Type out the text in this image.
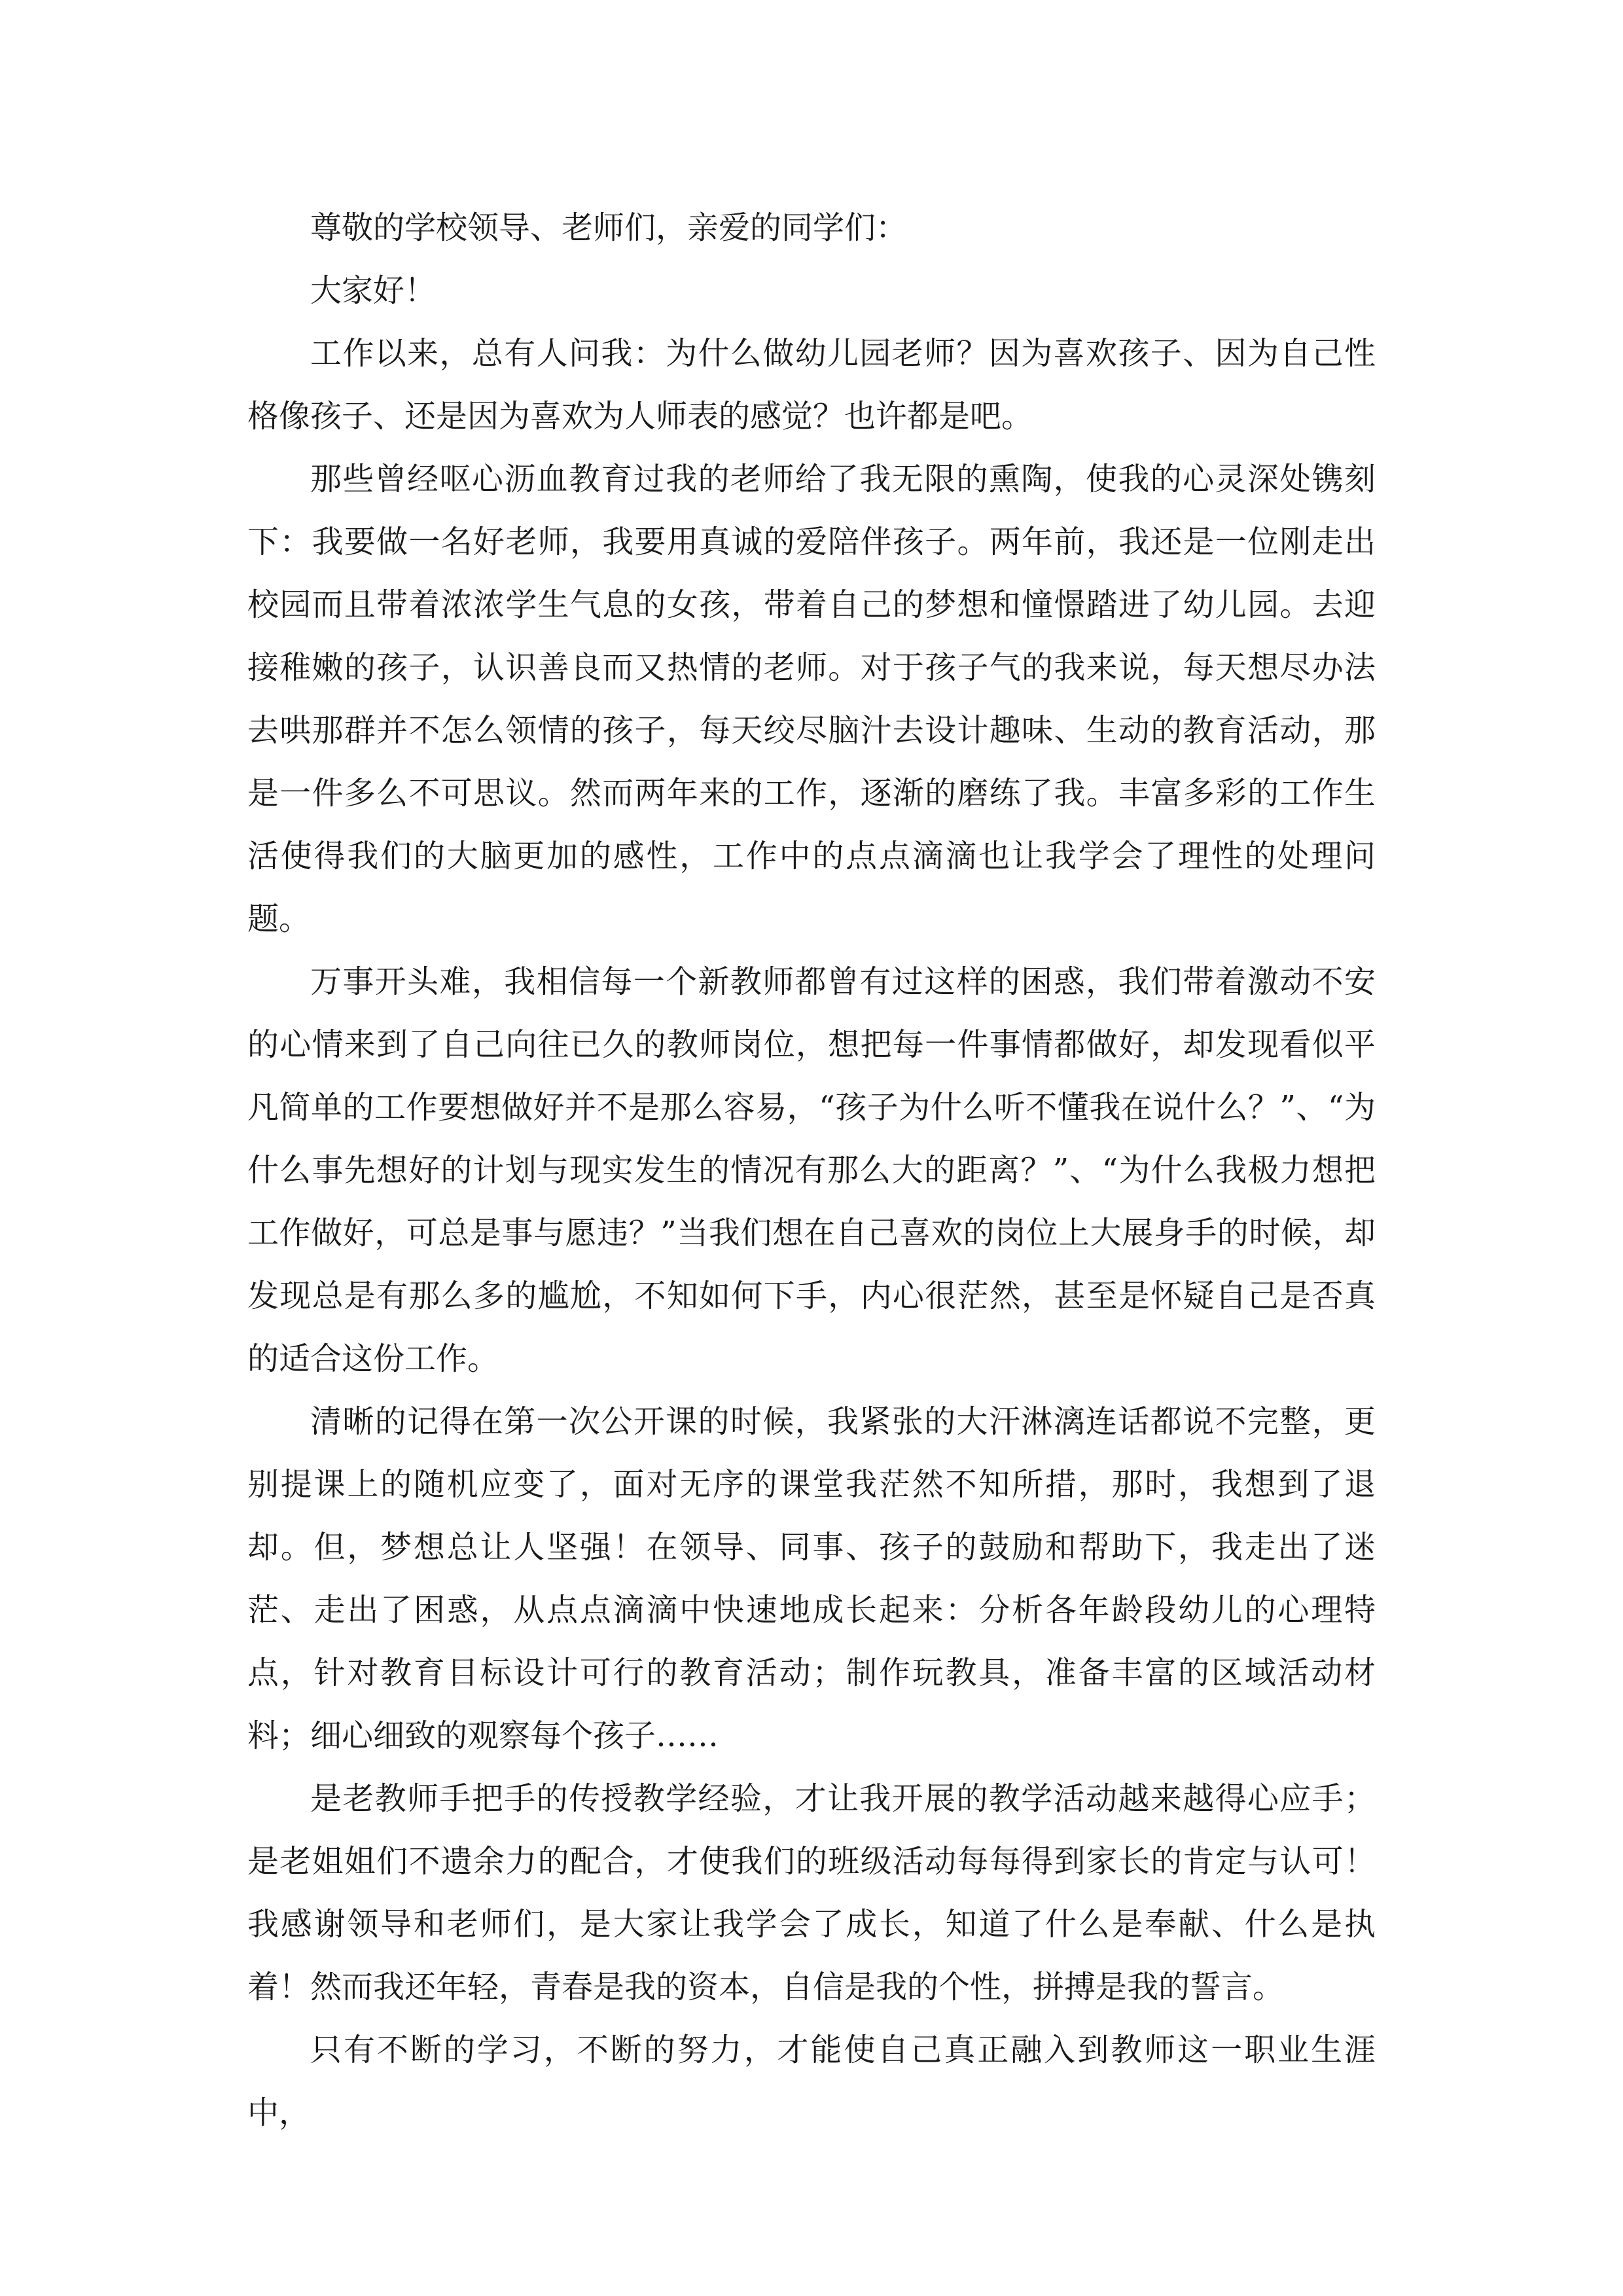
尊敬的学校领导、老师们，亲爱的同学们：

大家好！

工作以来，总有人问我：为什么做幼儿园老师？因为喜欢孩子、因为自己性格像孩子、还是因为喜欢为人师表的感觉？也许都是吧。

那些曾经呕心沥血教育过我的老师给了我无限的熏陶，使我的心灵深处镌刻下：我要做一名好老师，我要用真诚的爱陪伴孩子。两年前，我还是一位刚走出校园而且带着浓浓学生气息的女孩，带着自己的梦想和憧憬踏进了幼儿园。去迎接稚嫩的孩子，认识善良而又热情的老师。对于孩子气的我来说，每天想尽办法去哄那群并不怎么领情的孩子，每天绞尽脑汁去设计趣味、生动的教育活动，那是一件多么不可思议。然而两年来的工作，逐渐的磨练了我。丰富多彩的工作生活使得我们的大脑更加的感性，工作中的点点滴滴也让我学会了理性的处理问题。

万事开头难，我相信每一个新教师都曾有过这样的困惑，我们带着激动不安的心情来到了自己向往已久的教师岗位，想把每一件事情都做好，却发现看似平凡简单的工作要想做好并不是那么容易，“孩子为什么听不懂我在说什么？”、“为什么事先想好的计划与现实发生的情况有那么大的距离？”、“为什么我极力想把工作做好，可总是事与愿违？”当我们想在自己喜欢的岗位上大展身手的时候，却发现总是有那么多的尴尬，不知如何下手，内心很茫然，甚至是怀疑自己是否真的适合这份工作。

清晰的记得在第一次公开课的时候，我紧张的大汗淋漓连话都说不完整，更别提课上的随机应变了，面对无序的课堂我茫然不知所措，那时，我想到了退却。但，梦想总让人坚强！在领导、同事、孩子的鼓励和帮助下，我走出了迷茫、走出了困惑，从点点滴滴中快速地成长起来：分析各年龄段幼儿的心理特点，针对教育目标设计可行的教育活动；制作玩教具，准备丰富的区域活动材料；细心细致的观察每个孩子……

是老教师手把手的传授教学经验，才让我开展的教学活动越来越得心应手；是老姐姐们不遗余力的配合，才使我们的班级活动每每得到家长的肯定与认可！我感谢领导和老师们，是大家让我学会了成长，知道了什么是奉献、什么是执着！然而我还年轻，青春是我的资本，自信是我的个性，拼搏是我的誓言。

只有不断的学习，不断的努力，才能使自己真正融入到教师这一职业生涯中，
